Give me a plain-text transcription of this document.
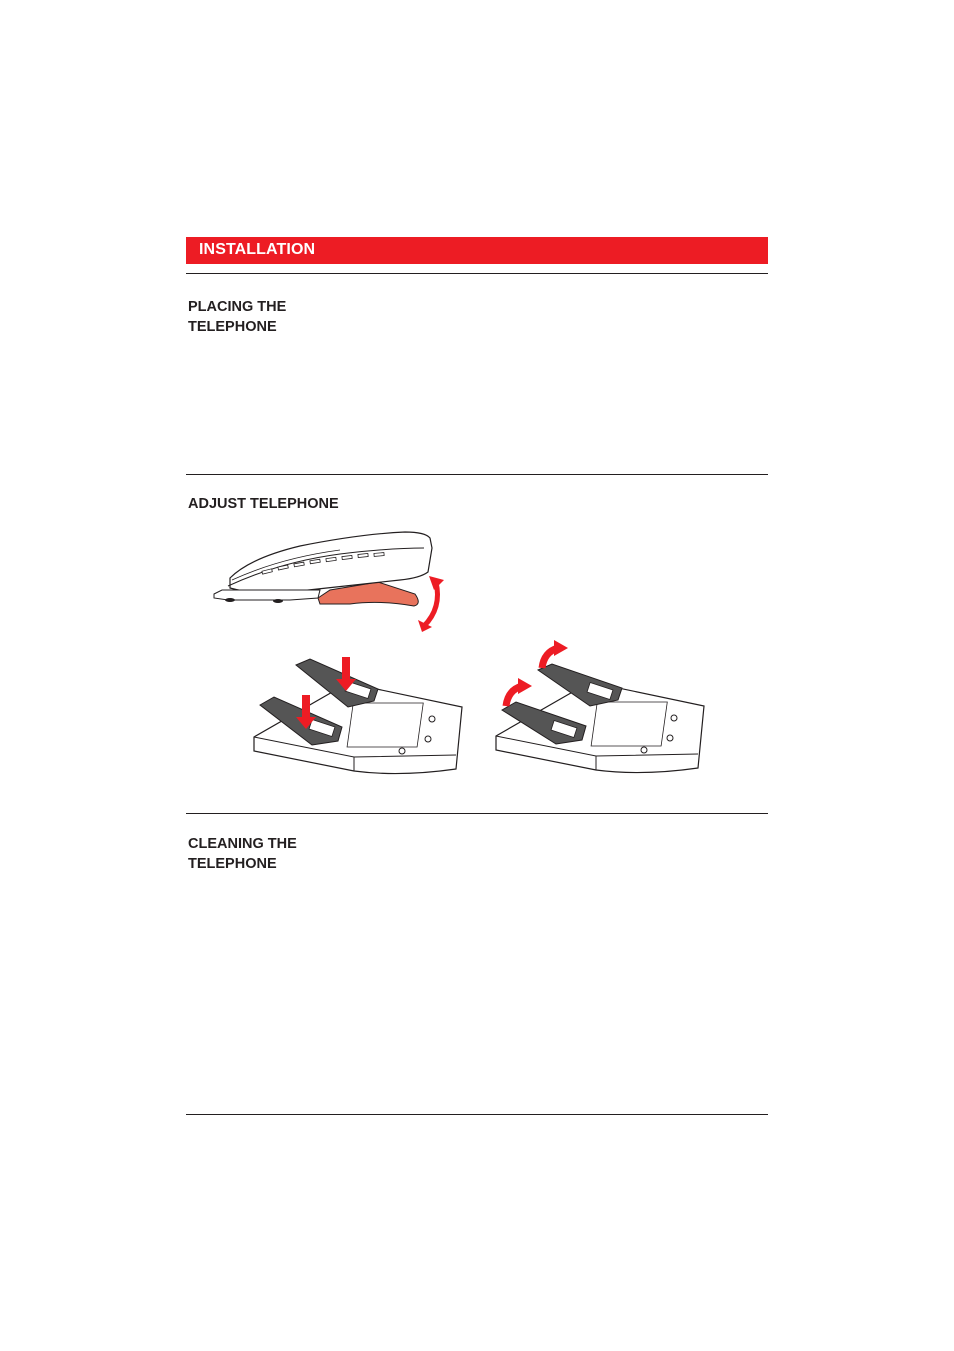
INSTALLATION
PLACING THE
TELEPHONE
ADJUST TELEPHONE
CLEANING THE
TELEPHONE
